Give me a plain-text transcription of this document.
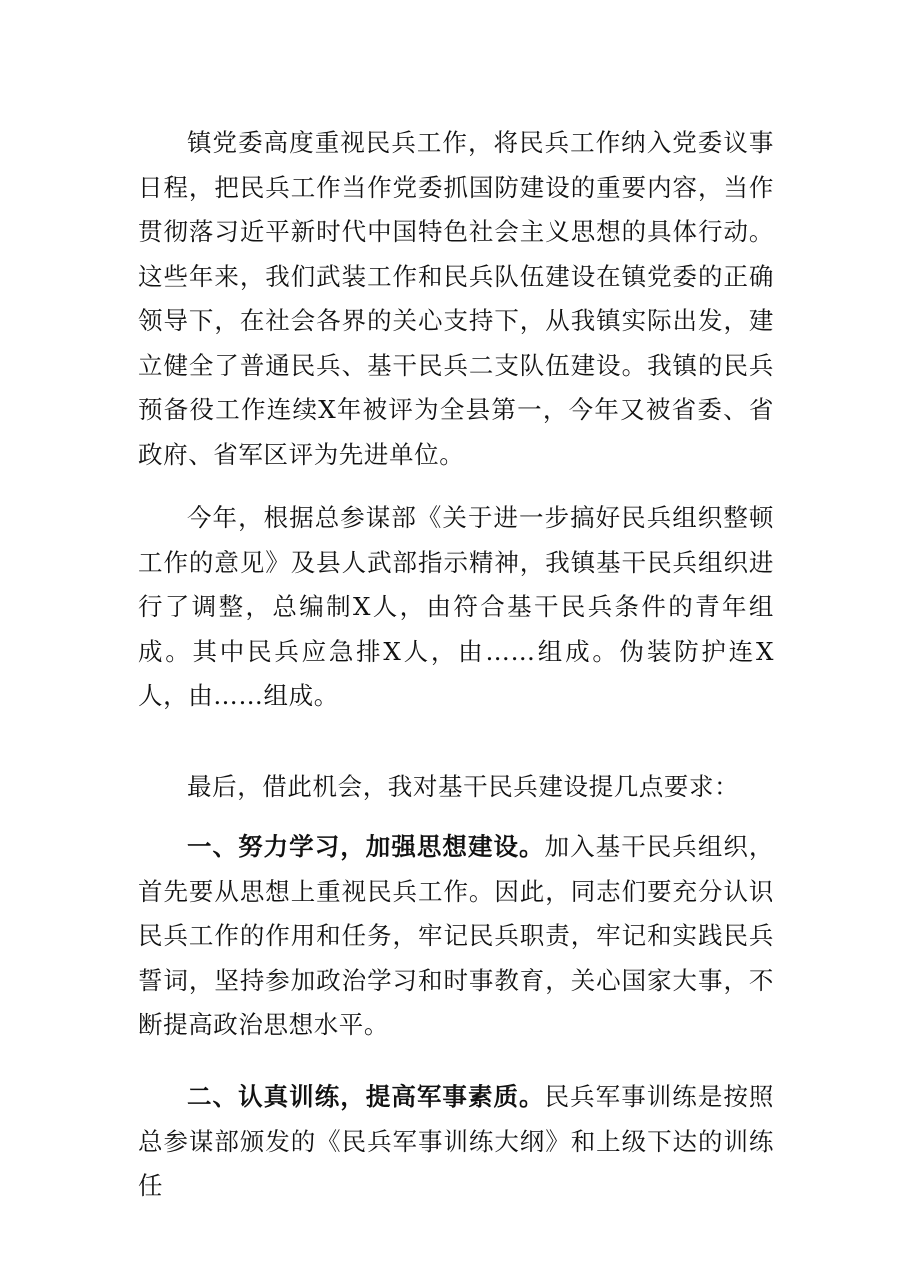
镇党委高度重视民兵工作，将民兵工作纳入党委议事日程，把民兵工作当作党委抓国防建设的重要内容，当作贯彻落习近平新时代中国特色社会主义思想的具体行动。这些年来，我们武装工作和民兵队伍建设在镇党委的正确领导下，在社会各界的关心支持下，从我镇实际出发，建立健全了普通民兵、基干民兵二支队伍建设。我镇的民兵预备役工作连续X年被评为全县第一，今年又被省委、省政府、省军区评为先进单位。

今年，根据总参谋部《关于进一步搞好民兵组织整顿工作的意见》及县人武部指示精神，我镇基干民兵组织进行了调整，总编制X人，由符合基干民兵条件的青年组成。其中民兵应急排X人，由……组成。伪装防护连X人，由……组成。

最后，借此机会，我对基干民兵建设提几点要求：

一、努力学习，加强思想建设。加入基干民兵组织，首先要从思想上重视民兵工作。因此，同志们要充分认识民兵工作的作用和任务，牢记民兵职责，牢记和实践民兵誓词，坚持参加政治学习和时事教育，关心国家大事，不断提高政治思想水平。

二、认真训练，提高军事素质。民兵军事训练是按照总参谋部颁发的《民兵军事训练大纲》和上级下达的训练任
